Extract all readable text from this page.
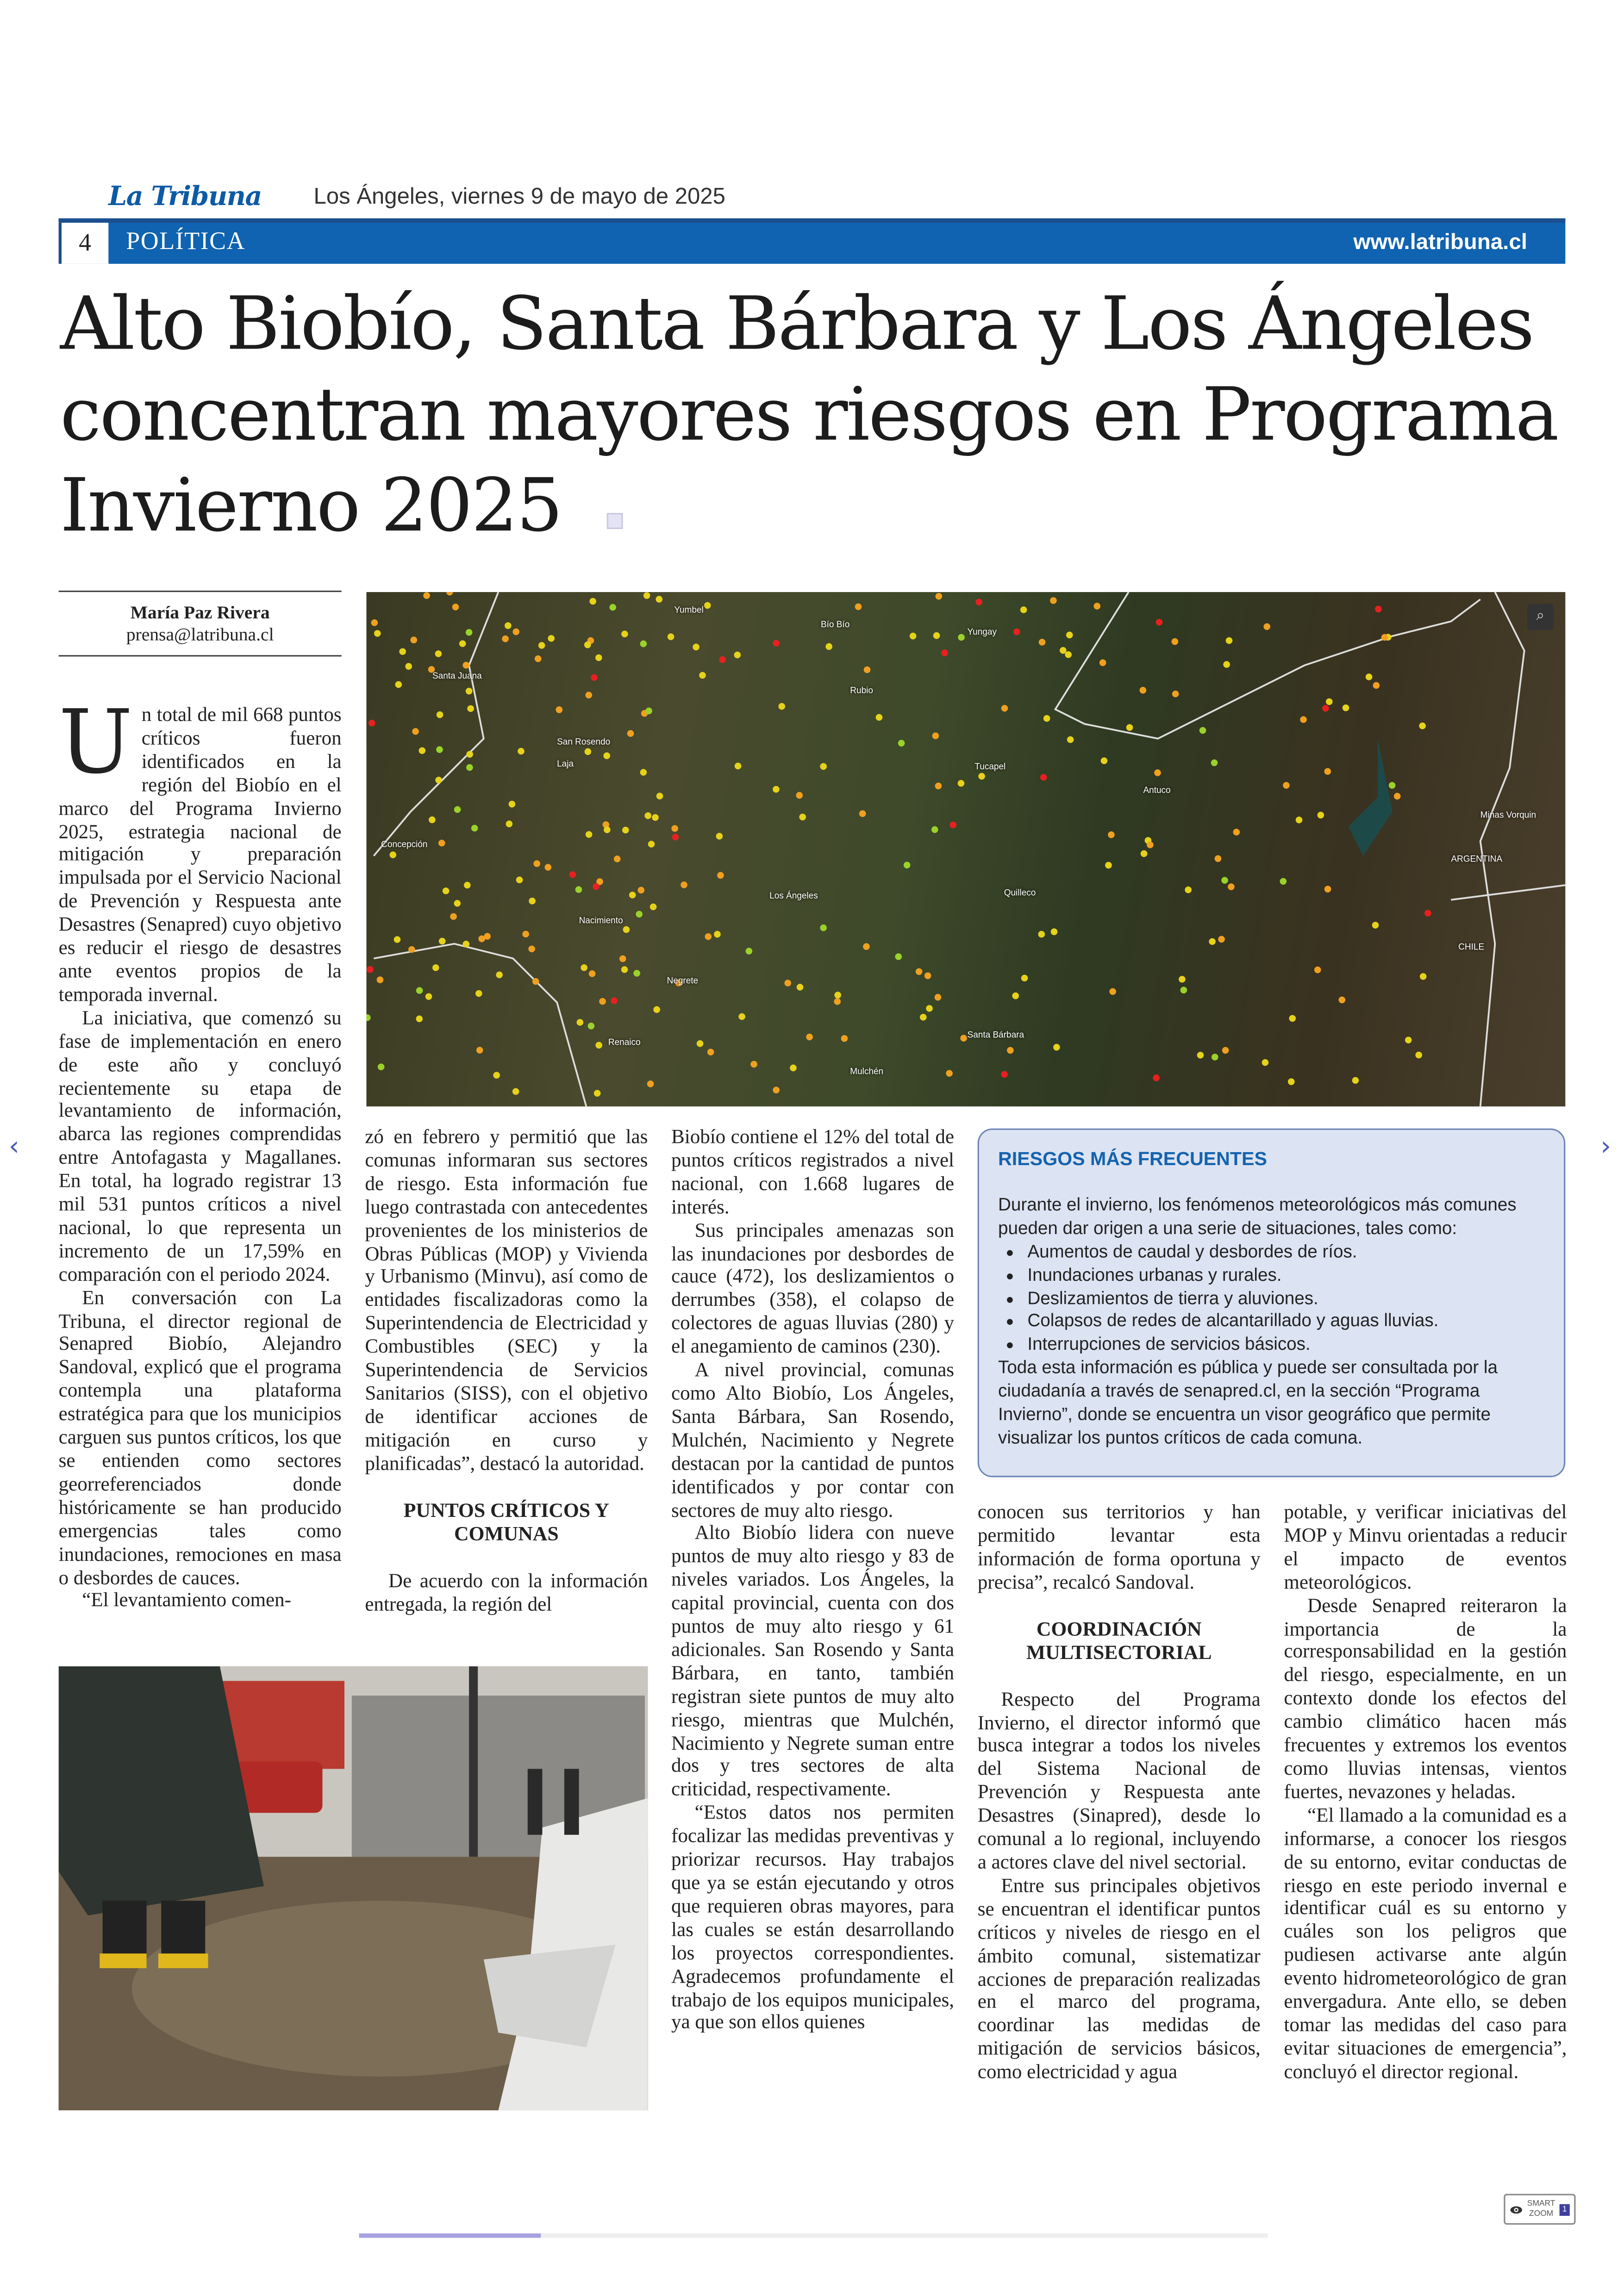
La Tribuna	Los Ángeles, viernes 9 de mayo de 2025
4	POLÍTICA	www.latribuna.cl
Alto Biobío, Santa Bárbara y Los Ángeles concentran mayores riesgos en Programa Invierno 2025
María Paz Rivera
prensa@latribuna.cl
Santa Juana
Yumbel
Yungay
San Rosendo
Laja	Tucapel
Antuco
Los Ángeles	Quilleco
Nacimiento
Negrete
Santa Bárbara
Renaico
Mulchén
Bío Bío
Rubio
Concepción
ARGENTINA
CHILE
Minas Vorquin
⌕

U n total de mil 668 puntos críticos fueron identificados en la región del Biobío en el marco del Programa Invierno 2025, estrategia nacional de mitigación y preparación impulsada por el Servicio Nacional de Prevención y Respuesta ante Desastres (Senapred) cuyo objetivo es reducir el riesgo de desastres ante eventos propios de la temporada invernal.

La iniciativa, que comenzó su fase de implementación en enero de este año y concluyó recientemente su etapa de levantamiento de información, abarca las regiones comprendidas entre Antofagasta y Magallanes. En total, ha logrado registrar 13 mil 531 puntos críticos a nivel nacional, lo que representa un incremento de un 17,59% en comparación con el periodo 2024.

En conversación con La Tribuna, el director regional de Senapred Biobío, Alejandro Sandoval, explicó que el programa contempla una plataforma estratégica para que los municipios carguen sus puntos críticos, los que se entienden como sectores georreferenciados donde históricamente se han producido emergencias tales como inundaciones, remociones en masa o desbordes de cauces.

“El levantamiento comen-

zó en febrero y permitió que las comunas informaran sus sectores de riesgo. Esta información fue luego contrastada con antecedentes provenientes de los ministerios de Obras Públicas (MOP) y Vivienda y Urbanismo (Minvu), así como de entidades fiscalizadoras como la Superintendencia de Electricidad y Combustibles (SEC) y la Superintendencia de Servicios Sanitarios (SISS), con el objetivo de identificar acciones de mitigación en curso y planificadas”, destacó la autoridad.

PUNTOS CRÍTICOS Y COMUNAS

De acuerdo con la información entregada, la región del

Biobío contiene el 12% del total de puntos críticos registrados a nivel nacional, con 1.668 lugares de interés.

Sus principales amenazas son las inundaciones por desbordes de cauce (472), los deslizamientos o derrumbes (358), el colapso de colectores de aguas lluvias (280) y el anegamiento de caminos (230).

A nivel provincial, comunas como Alto Biobío, Los Ángeles, Santa Bárbara, San Rosendo, Mulchén, Nacimiento y Negrete destacan por la cantidad de puntos identificados y por contar con sectores de muy alto riesgo.

Alto Biobío lidera con nueve puntos de muy alto riesgo y 83 de niveles variados. Los Ángeles, la capital provincial, cuenta con dos puntos de muy alto riesgo y 61 adicionales. San Rosendo y Santa Bárbara, en tanto, también registran siete puntos de muy alto riesgo, mientras que Mulchén, Nacimiento y Negrete suman entre dos y tres sectores de alta criticidad, respectivamente.

“Estos datos nos permiten focalizar las medidas preventivas y priorizar recursos. Hay trabajos que ya se están ejecutando y otros que requieren obras mayores, para las cuales se están desarrollando los proyectos correspondientes. Agradecemos profundamente el trabajo de los equipos municipales, ya que son ellos quienes

RIESGOS MÁS FRECUENTES

Durante el invierno, los fenómenos meteorológicos más comunes pueden dar origen a una serie de situaciones, tales como:

• Aumentos de caudal y desbordes de ríos.
• Inundaciones urbanas y rurales.
• Deslizamientos de tierra y aluviones.
• Colapsos de redes de alcantarillado y aguas lluvias.
• Interrupciones de servicios básicos.

Toda esta información es pública y puede ser consultada por la ciudadanía a través de senapred.cl, en la sección “Programa Invierno”, donde se encuentra un visor geográfico que permite visualizar los puntos críticos de cada comuna.

conocen sus territorios y han permitido levantar esta información de forma oportuna y precisa”, recalcó Sandoval.

COORDINACIÓN MULTISECTORIAL

Respecto del Programa Invierno, el director informó que busca integrar a todos los niveles del Sistema Nacional de Prevención y Respuesta ante Desastres (Sinapred), desde lo comunal a lo regional, incluyendo a actores clave del nivel sectorial.

Entre sus principales objetivos se encuentran el identificar puntos críticos y niveles de riesgo en el ámbito comunal, sistematizar acciones de preparación realizadas en el marco del programa, coordinar las medidas de mitigación de servicios básicos, como electricidad y agua

potable, y verificar iniciativas del MOP y Minvu orientadas a reducir el impacto de eventos meteorológicos.

Desde Senapred reiteraron la importancia de la corresponsabilidad en la gestión del riesgo, especialmente, en un contexto donde los efectos del cambio climático hacen más frecuentes y extremos los eventos como lluvias intensas, vientos fuertes, nevazones y heladas.

“El llamado a la comunidad es a informarse, a conocer los riesgos de su entorno, evitar conductas de riesgo en este periodo invernal e identificar cuál es su entorno y cuáles son los peligros que pudiesen activarse ante algún evento hidrometeorológico de gran envergadura. Ante ello, se deben tomar las medidas del caso para evitar situaciones de emergencia”, concluyó el director regional.

‹	›
SMART
ZOOM	1
